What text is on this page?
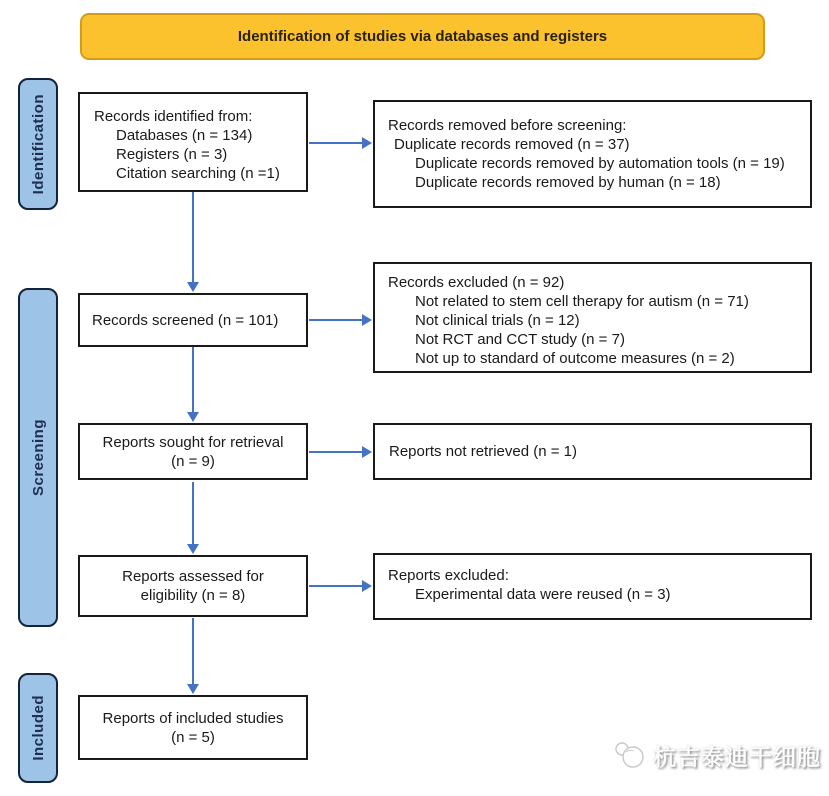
Identification of studies via databases and registers
Identification
Screening
Included
Records identified from:
Databases (n = 134)
Registers (n = 3)
Citation searching (n =1)
Records screened (n = 101)
Reports sought for retrieval
(n = 9)
Reports assessed for
eligibility (n = 8)
Reports of included studies
(n = 5)
Records removed before screening:
Duplicate records removed (n = 37)
Duplicate records removed by automation tools (n = 19)
Duplicate records removed by human (n = 18)
Records excluded (n = 92)
Not related to stem cell therapy for autism (n = 71)
Not clinical trials (n = 12)
Not RCT and CCT study (n = 7)
Not up to standard of outcome measures (n = 2)
Reports not retrieved (n = 1)
Reports excluded:
Experimental data were reused (n = 3)
杭吉泰迪干细胞
